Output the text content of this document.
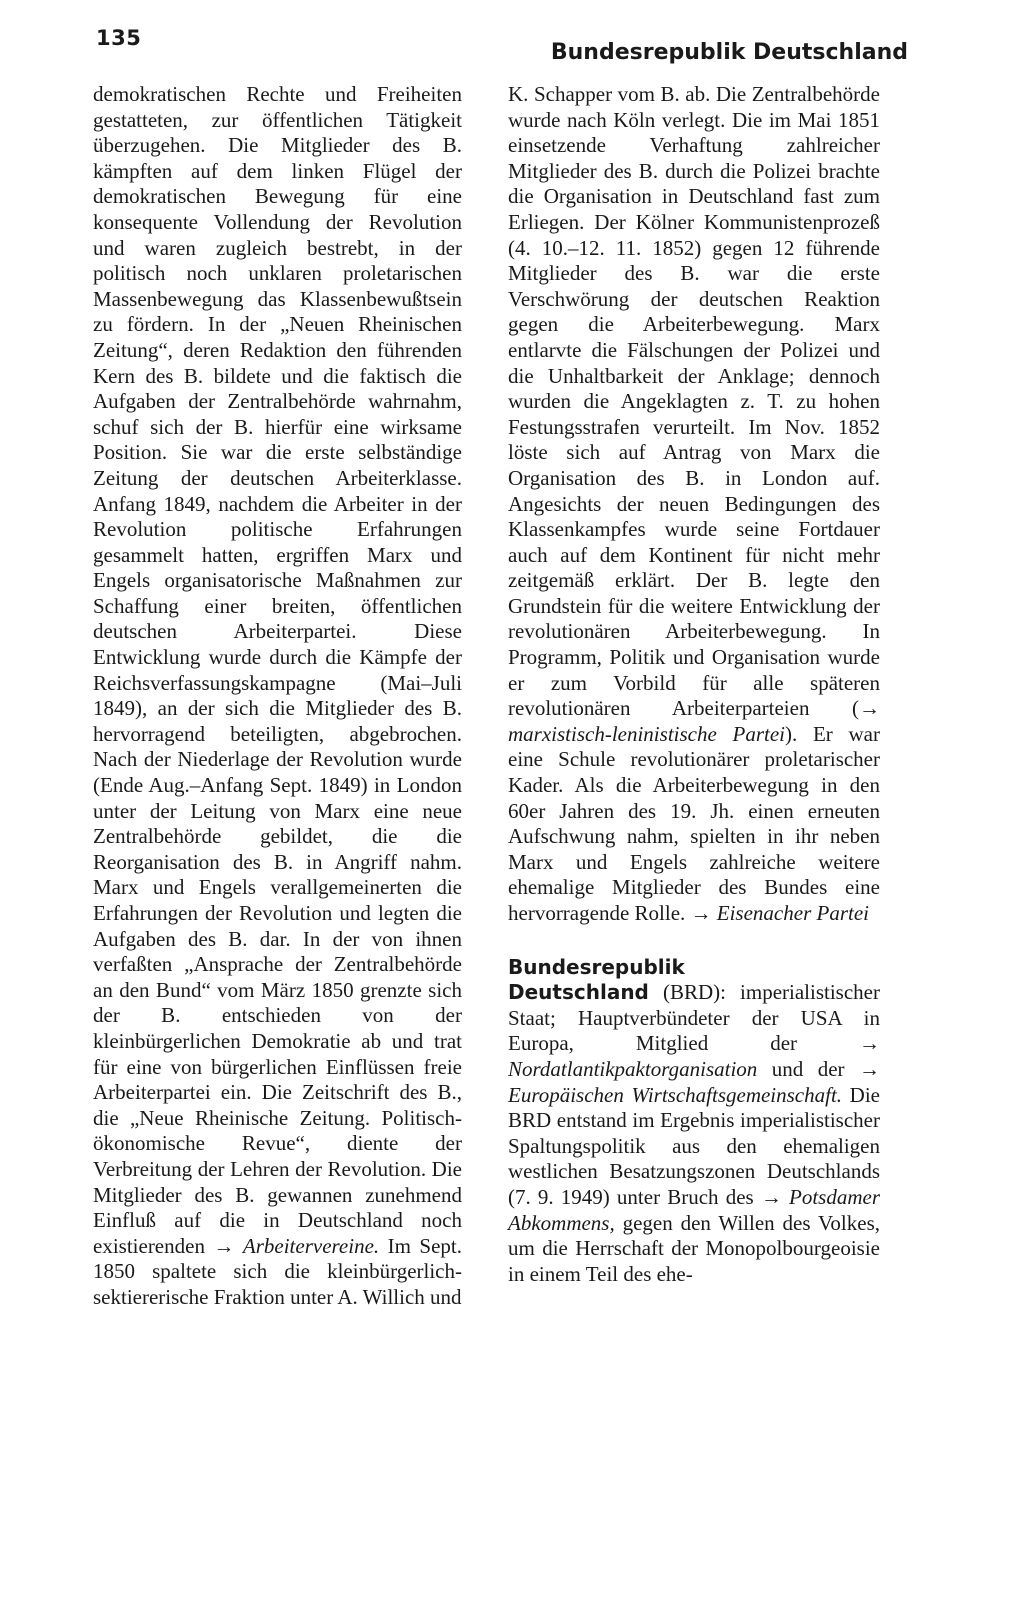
135
Bundesrepublik Deutschland

demokratischen Rechte und Freiheiten gestatteten, zur öffentlichen Tätigkeit überzugehen. Die Mitglieder des B. kämpften auf dem linken Flügel der demokratischen Bewegung für eine konsequente Vollendung der Revolution und waren zugleich bestrebt, in der politisch noch unklaren proletarischen Massenbewegung das Klassenbewußtsein zu fördern. In der „Neuen Rheinischen Zeitung“, deren Redaktion den führenden Kern des B. bildete und die faktisch die Aufgaben der Zentralbehörde wahrnahm, schuf sich der B. hierfür eine wirksame Position. Sie war die erste selbständige Zeitung der deutschen Arbeiterklasse. Anfang 1849, nachdem die Arbeiter in der Revolution politische Erfahrungen gesammelt hatten, ergriffen Marx und Engels organisatorische Maßnahmen zur Schaffung einer breiten, öffentlichen deutschen Arbeiterpartei. Diese Entwicklung wurde durch die Kämpfe der Reichsverfassungskampagne (Mai–Juli 1849), an der sich die Mitglieder des B. hervorragend beteiligten, abgebrochen. Nach der Niederlage der Revolution wurde (Ende Aug.–Anfang Sept. 1849) in London unter der Leitung von Marx eine neue Zentralbehörde gebildet, die die Reorganisation des B. in Angriff nahm. Marx und Engels verallgemeinerten die Erfahrungen der Revolution und legten die Aufgaben des B. dar. In der von ihnen verfaßten „Ansprache der Zentralbehörde an den Bund“ vom März 1850 grenzte sich der B. entschieden von der kleinbürgerlichen Demokratie ab und trat für eine von bürgerlichen Einflüssen freie Arbeiterpartei ein. Die Zeitschrift des B., die „Neue Rheinische Zeitung. Politisch-ökonomische Revue“, diente der Verbreitung der Lehren der Revolution. Die Mitglieder des B. gewannen zunehmend Einfluß auf die in Deutschland noch existierenden → Arbeitervereine. Im Sept. 1850 spaltete sich die kleinbürgerlich-sektiererische Fraktion unter A. Willich und

K. Schapper vom B. ab. Die Zentralbehörde wurde nach Köln verlegt. Die im Mai 1851 einsetzende Verhaftung zahlreicher Mitglieder des B. durch die Polizei brachte die Organisation in Deutschland fast zum Erliegen. Der Kölner Kommunistenprozeß (4. 10.–12. 11. 1852) gegen 12 führende Mitglieder des B. war die erste Verschwörung der deutschen Reaktion gegen die Arbeiterbewegung. Marx entlarvte die Fälschungen der Polizei und die Unhaltbarkeit der Anklage; dennoch wurden die Angeklagten z. T. zu hohen Festungsstrafen verurteilt. Im Nov. 1852 löste sich auf Antrag von Marx die Organisation des B. in London auf. Angesichts der neuen Bedingungen des Klassenkampfes wurde seine Fortdauer auch auf dem Kontinent für nicht mehr zeitgemäß erklärt. Der B. legte den Grundstein für die weitere Entwicklung der revolutionären Arbeiterbewegung. In Programm, Politik und Organisation wurde er zum Vorbild für alle späteren revolutionären Arbeiterparteien (→ marxistisch-leninistische Partei). Er war eine Schule revolutionärer proletarischer Kader. Als die Arbeiterbewegung in den 60er Jahren des 19. Jh. einen erneuten Aufschwung nahm, spielten in ihr neben Marx und Engels zahlreiche weitere ehemalige Mitglieder des Bundes eine hervorragende Rolle. → Eisenacher Partei

Bundesrepublik Deutschland (BRD): imperialistischer Staat; Hauptverbündeter der USA in Europa, Mitglied der	→ Nordatlantikpaktorganisation und der → Europäischen Wirtschaftsgemeinschaft. Die BRD entstand im Ergebnis imperialistischer Spaltungspolitik aus den ehemaligen westlichen Besatzungszonen Deutschlands (7. 9. 1949) unter Bruch des → Potsdamer Abkommens, gegen den Willen des Volkes, um die Herrschaft der Monopolbourgeoisie in einem Teil des ehe-
